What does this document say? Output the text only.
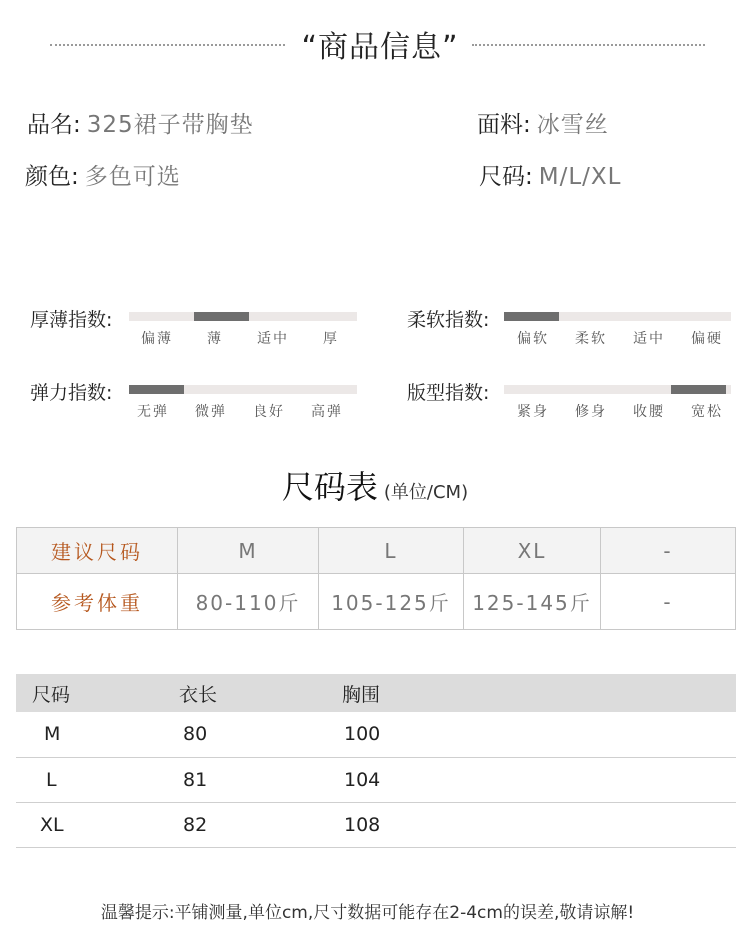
“商品信息”
品名: 325裙子带胸垫	面料: 冰雪丝
颜色: 多色可选	尺码: M/L/XL
厚薄指数:
偏薄	薄	适中	厚
柔软指数:
偏软	柔软	适中	偏硬
弹力指数:
无弹	微弹	良好	高弹
版型指数:
紧身	修身	收腰	宽松
尺码表 (单位/CM)
建议尺码	M	L	XL	-
参考体重	80-110斤	105-125斤	125-145斤	-
尺码	衣长	胸围
M	80	100
L	81	104
XL	82	108
温馨提示:平铺测量,单位cm,尺寸数据可能存在2-4cm的误差,敬请谅解!
